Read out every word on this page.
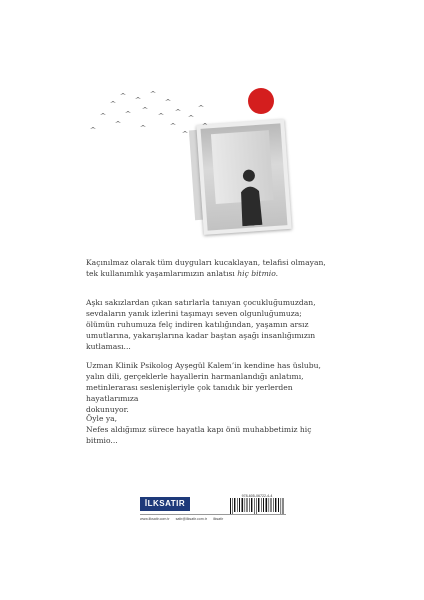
Kaçınılmaz olarak tüm duyguları kucaklayan, telafisi olmayan,

tek kullanımlık yaşamlarımızın anlatısı hiç bitmio.

Aşkı sakızlardan çıkan satırlarla tanıyan çocukluğumuzdan,

sevdaların yanık izlerini taşımayı seven olgunluğumuza;

ölümün ruhumuza felç indiren katılığından, yaşamın arsız

umutlarına, yakarışlarına kadar baştan aşağı insanlığımızın

kutlaması...

Uzman Klinik Psikolog Ayşegül Kalem’in kendine has üslubu,

yalın dili, gerçeklerle hayallerin harmanlandığı anlatımı,

metinlerarası seslenişleriyle çok tanıdık bir yerlerden hayatlarımıza

dokunuyor.

Öyle ya,

Nefes aldığımız sürece hayatla kapı önü muhabbetimiz hiç bitmio...

İLKSATIR
978-605-06722-4-4
www.ilksatir.com.tr satir@ilksatir.com.tr ilksatir
